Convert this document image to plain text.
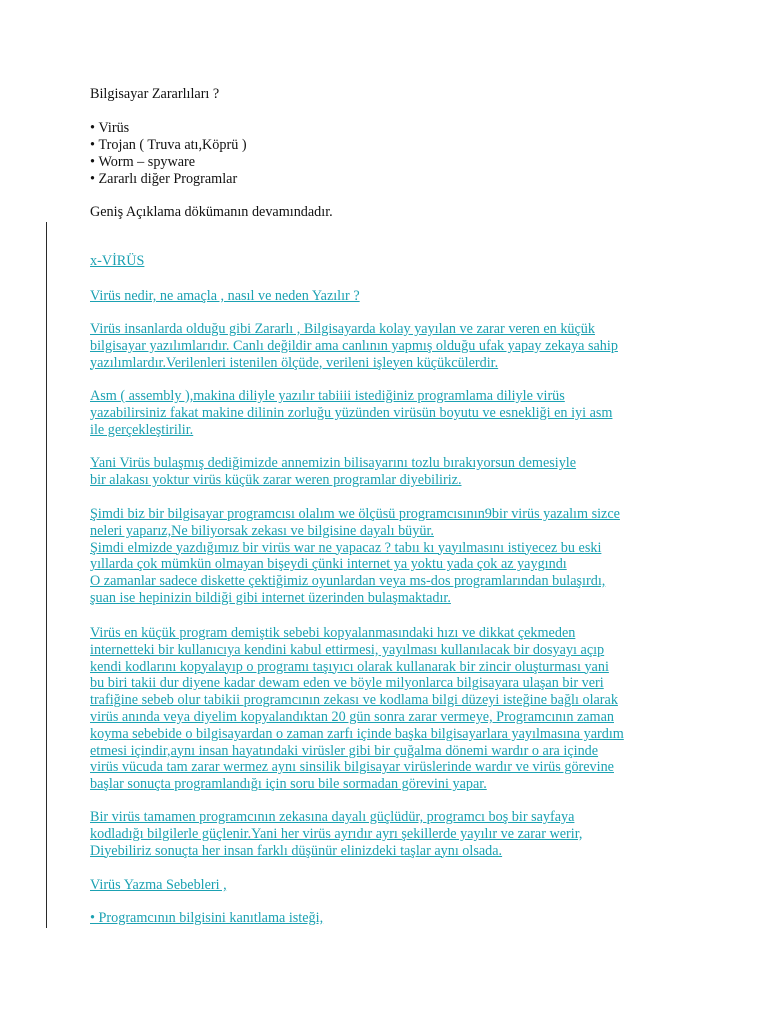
Bilgisayar Zararlıları ?
• Virüs
• Trojan ( Truva atı,Köprü )
• Worm – spyware
• Zararlı diğer Programlar
Geniş Açıklama dökümanın devamındadır.
x-VİRÜS
Virüs nedir, ne amaçla , nasıl ve neden Yazılır ?
Virüs insanlarda olduğu gibi Zararlı , Bilgisayarda kolay yayılan ve zarar veren en küçük
bilgisayar yazılımlarıdır. Canlı değildir ama canlının yapmış olduğu ufak yapay zekaya sahip
yazılımlardır.Verilenleri istenilen ölçüde, verileni işleyen küçükcülerdir.
Asm ( assembly ),makina diliyle yazılır tabiiii istediğiniz programlama diliyle virüs
yazabilirsiniz fakat makine dilinin zorluğu yüzünden virüsün boyutu ve esnekliği en iyi asm
ile gerçekleştirilir.
Yani Virüs bulaşmış dediğimizde annemizin bilisayarını tozlu bırakıyorsun demesiyle
bir alakası yoktur virüs küçük zarar weren programlar diyebiliriz.
Şimdi biz bir bilgisayar programcısı olalım we ölçüsü programcısının9bir virüs yazalım sizce
neleri yaparız,Ne biliyorsak zekası ve bilgisine dayalı büyür.
Şimdi elmizde yazdığımız bir virüs war ne yapacaz ? tabıı kı yayılmasını istiyecez bu eski
yıllarda çok mümkün olmayan bişeydi çünki internet ya yoktu yada çok az yaygındı
O zamanlar sadece diskette çektiğimiz oyunlardan veya ms-dos programlarından bulaşırdı,
şuan ise hepinizin bildiği gibi internet üzerinden bulaşmaktadır.
Virüs en küçük program demiştik sebebi kopyalanmasındaki hızı ve dikkat çekmeden
internetteki bir kullanıcıya kendini kabul ettirmesi, yayılması kullanılacak bir dosyayı açıp
kendi kodlarını kopyalayıp o programı taşıyıcı olarak kullanarak bir zincir oluşturması yani
bu biri takii dur diyene kadar dewam eden ve böyle milyonlarca bilgisayara ulaşan bir veri
trafiğine sebeb olur tabikii programcının zekası ve kodlama bilgi düzeyi isteğine bağlı olarak
virüs anında veya diyelim kopyalandıktan 20 gün sonra zarar vermeye, Programcının zaman
koyma sebebide o bilgisayardan o zaman zarfı içinde başka bilgisayarlara yayılmasına yardım
etmesi içindir,aynı insan hayatındaki virüsler gibi bir çuğalma dönemi wardır o ara içinde
virüs vücuda tam zarar wermez aynı sinsilik bilgisayar virüslerinde wardır ve virüs görevine
başlar sonuçta programlandığı için soru bile sormadan görevini yapar.
Bir virüs tamamen programcının zekasına dayalı güçlüdür, programcı boş bir sayfaya
kodladığı bilgilerle güçlenir.Yani her virüs ayrıdır ayrı şekillerde yayılır ve zarar werir,
Diyebiliriz sonuçta her insan farklı düşünür elinizdeki taşlar aynı olsada.
Virüs Yazma Sebebleri ,
• Programcının bilgisini kanıtlama isteği,
